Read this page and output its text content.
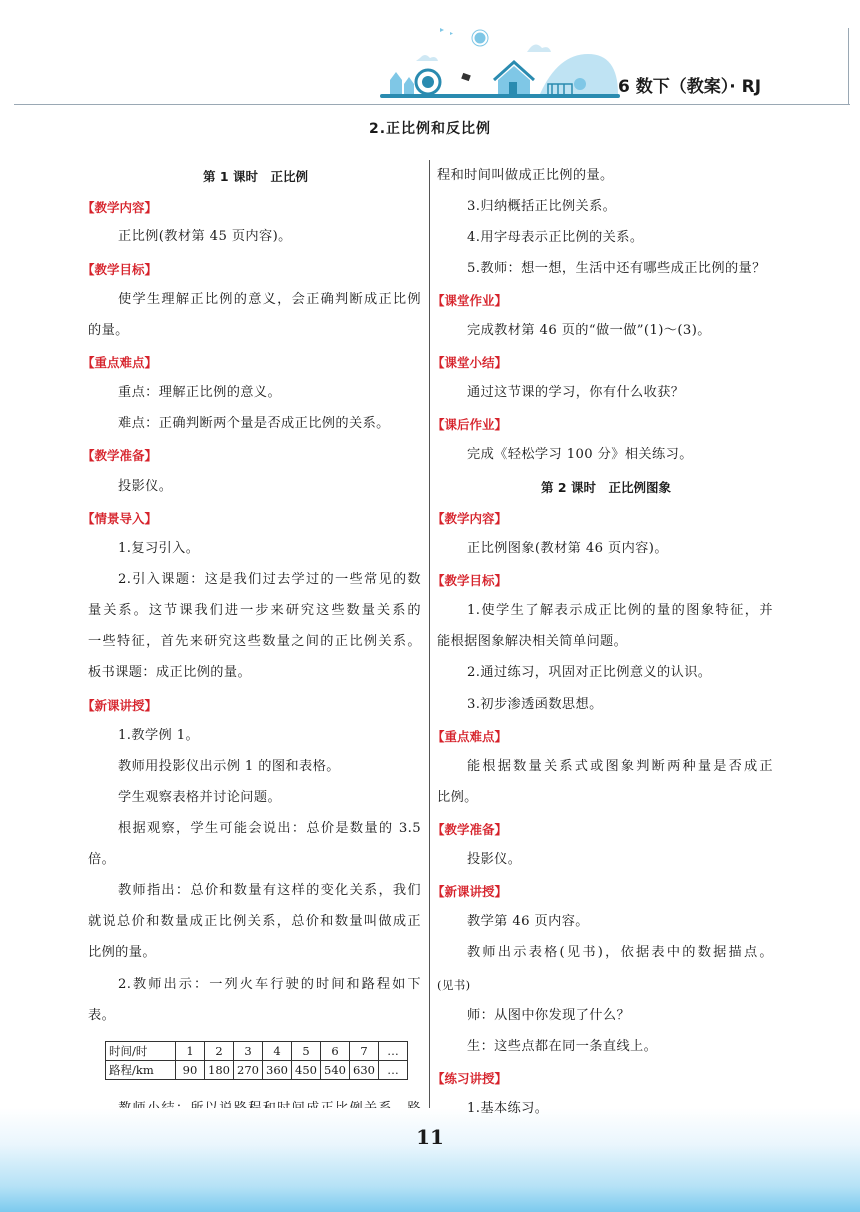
6 数下（教案）· RJ
2.正比例和反比例
第 1 课时　正比例
【教学内容】
正比例(教材第 45 页内容)。
【教学目标】
使学生理解正比例的意义，会正确判断成正比例
的量。
【重点难点】
重点：理解正比例的意义。
难点：正确判断两个量是否成正比例的关系。
【教学准备】
投影仪。
【情景导入】
1.复习引入。
2.引入课题：这是我们过去学过的一些常见的数
量关系。这节课我们进一步来研究这些数量关系的
一些特征，首先来研究这些数量之间的正比例关系。
板书课题：成正比例的量。
【新课讲授】
1.教学例 1。
教师用投影仪出示例 1 的图和表格。
学生观察表格并讨论问题。
根据观察，学生可能会说出：总价是数量的 3.5
倍。
教师指出：总价和数量有这样的变化关系，我们
就说总价和数量成正比例关系，总价和数量叫做成正
比例的量。
2.教师出示：一列火车行驶的时间和路程如下
表。
时间/时	1	2	3	4	5	6	7	…
路程/km	90	180	270	360	450	540	630	…
程和时间叫做成正比例的量。
3.归纳概括正比例关系。
4.用字母表示正比例的关系。
5.教师：想一想，生活中还有哪些成正比例的量？
【课堂作业】
完成教材第 46 页的“做一做”(1)～(3)。
【课堂小结】
通过这节课的学习，你有什么收获？
【课后作业】
完成《轻松学习 100 分》相关练习。
第 2 课时　正比例图象
【教学内容】
正比例图象(教材第 46 页内容)。
【教学目标】
1.使学生了解表示成正比例的量的图象特征，并
能根据图象解决相关简单问题。
2.通过练习，巩固对正比例意义的认识。
3.初步渗透函数思想。
【重点难点】
能根据数量关系式或图象判断两种量是否成正
比例。
【教学准备】
投影仪。
【新课讲授】
教学第 46 页内容。
教师出示表格(见书)，依据表中的数据描点。
(见书)
师：从图中你发现了什么？
生：这些点都在同一条直线上。
【练习讲授】
1.基本练习。
11
